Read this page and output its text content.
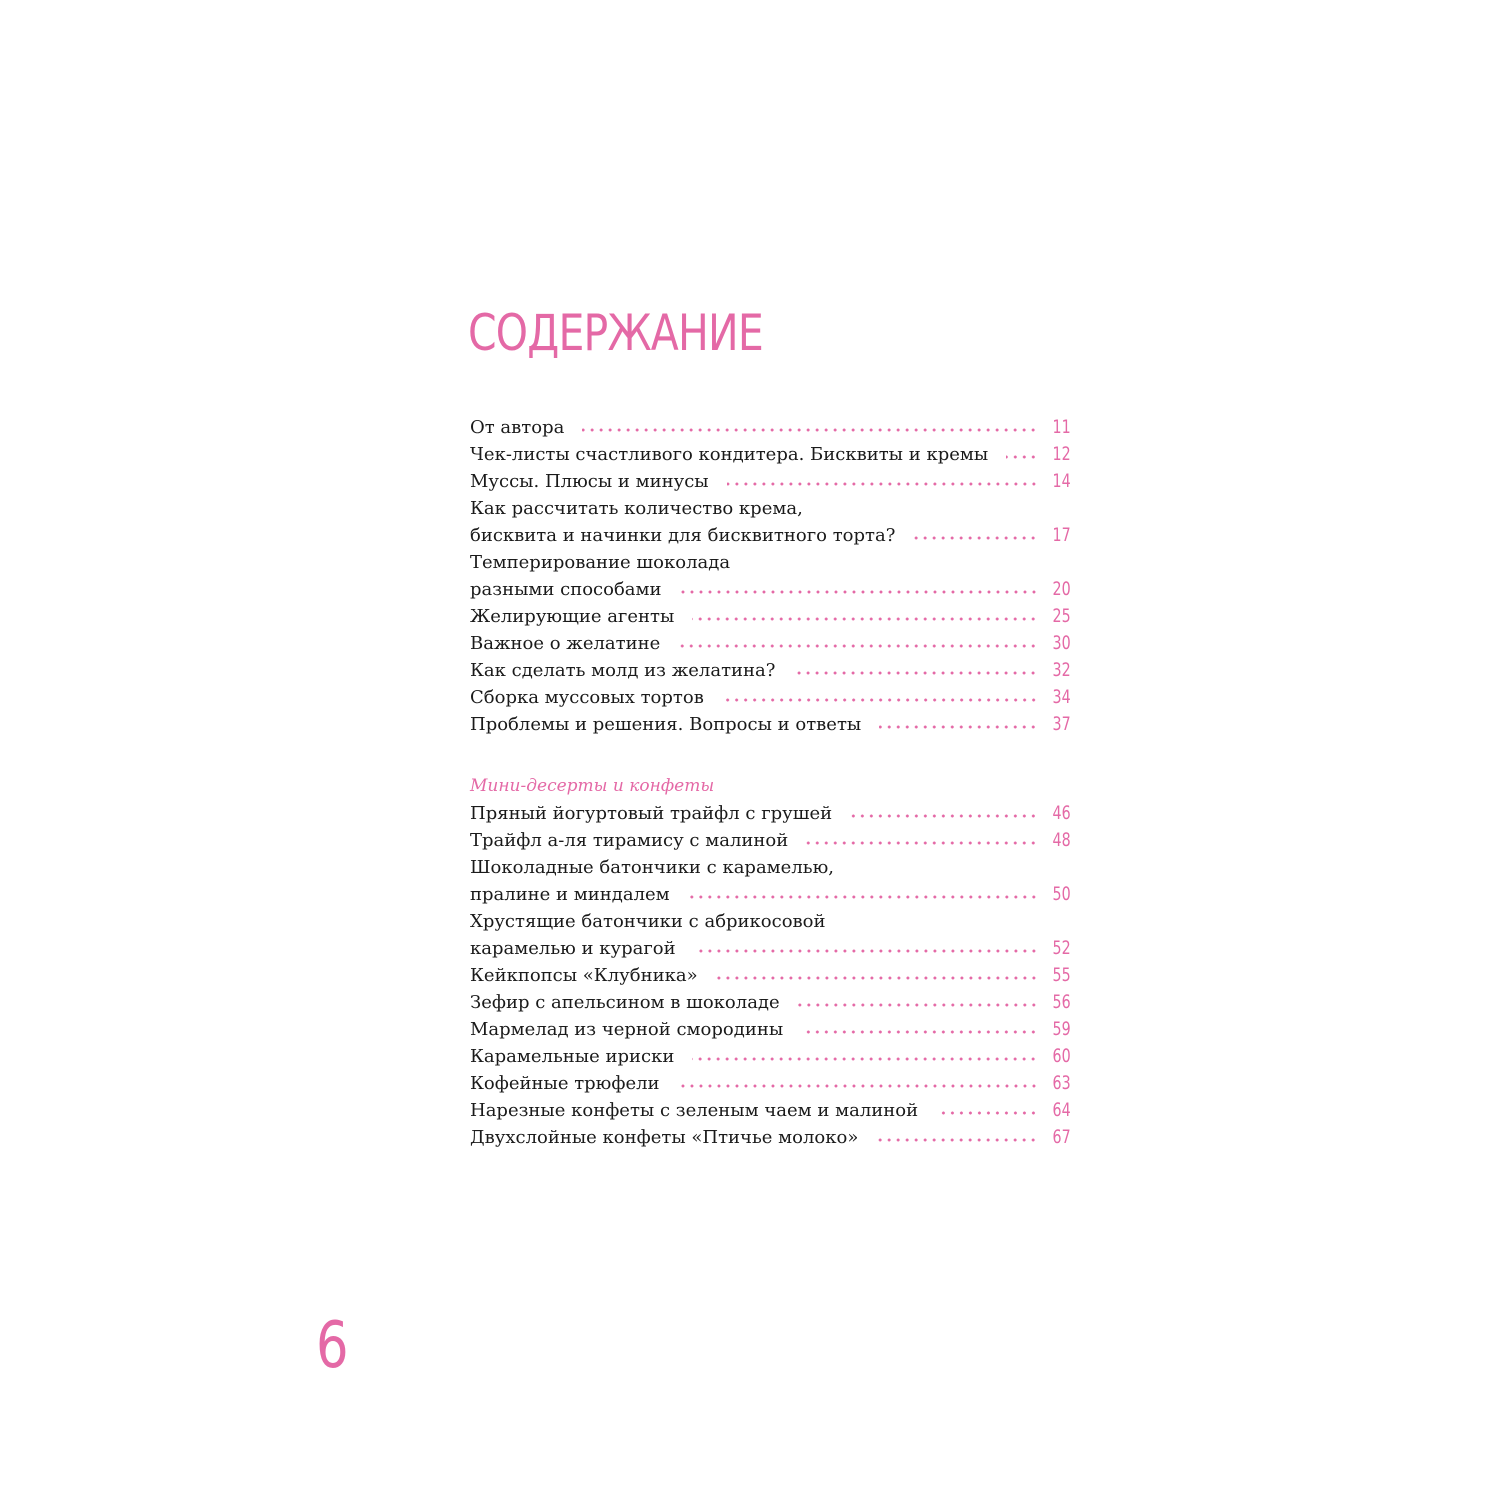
СОДЕРЖАНИЕ
От автора	11
Чек-листы счастливого кондитера. Бисквиты и кремы	12
Муссы. Плюсы и минусы	14
Как рассчитать количество крема,
бисквита и начинки для бисквитного торта?	17
Темперирование шоколада
разными способами	20
Желирующие агенты	25
Важное о желатине	30
Как сделать молд из желатина?	32
Сборка муссовых тортов	34
Проблемы и решения. Вопросы и ответы	37
Мини-десерты и конфеты
Пряный йогуртовый трайфл с грушей	46
Трайфл а-ля тирамису с малиной	48
Шоколадные батончики с карамелью,
пралине и миндалем	50
Хрустящие батончики с абрикосовой
карамелью и курагой	52
Кейкпопсы «Клубника»	55
Зефир с апельсином в шоколаде	56
Мармелад из черной смородины	59
Карамельные ириски	60
Кофейные трюфели	63
Нарезные конфеты с зеленым чаем и малиной	64
Двухслойные конфеты «Птичье молоко»	67
6
